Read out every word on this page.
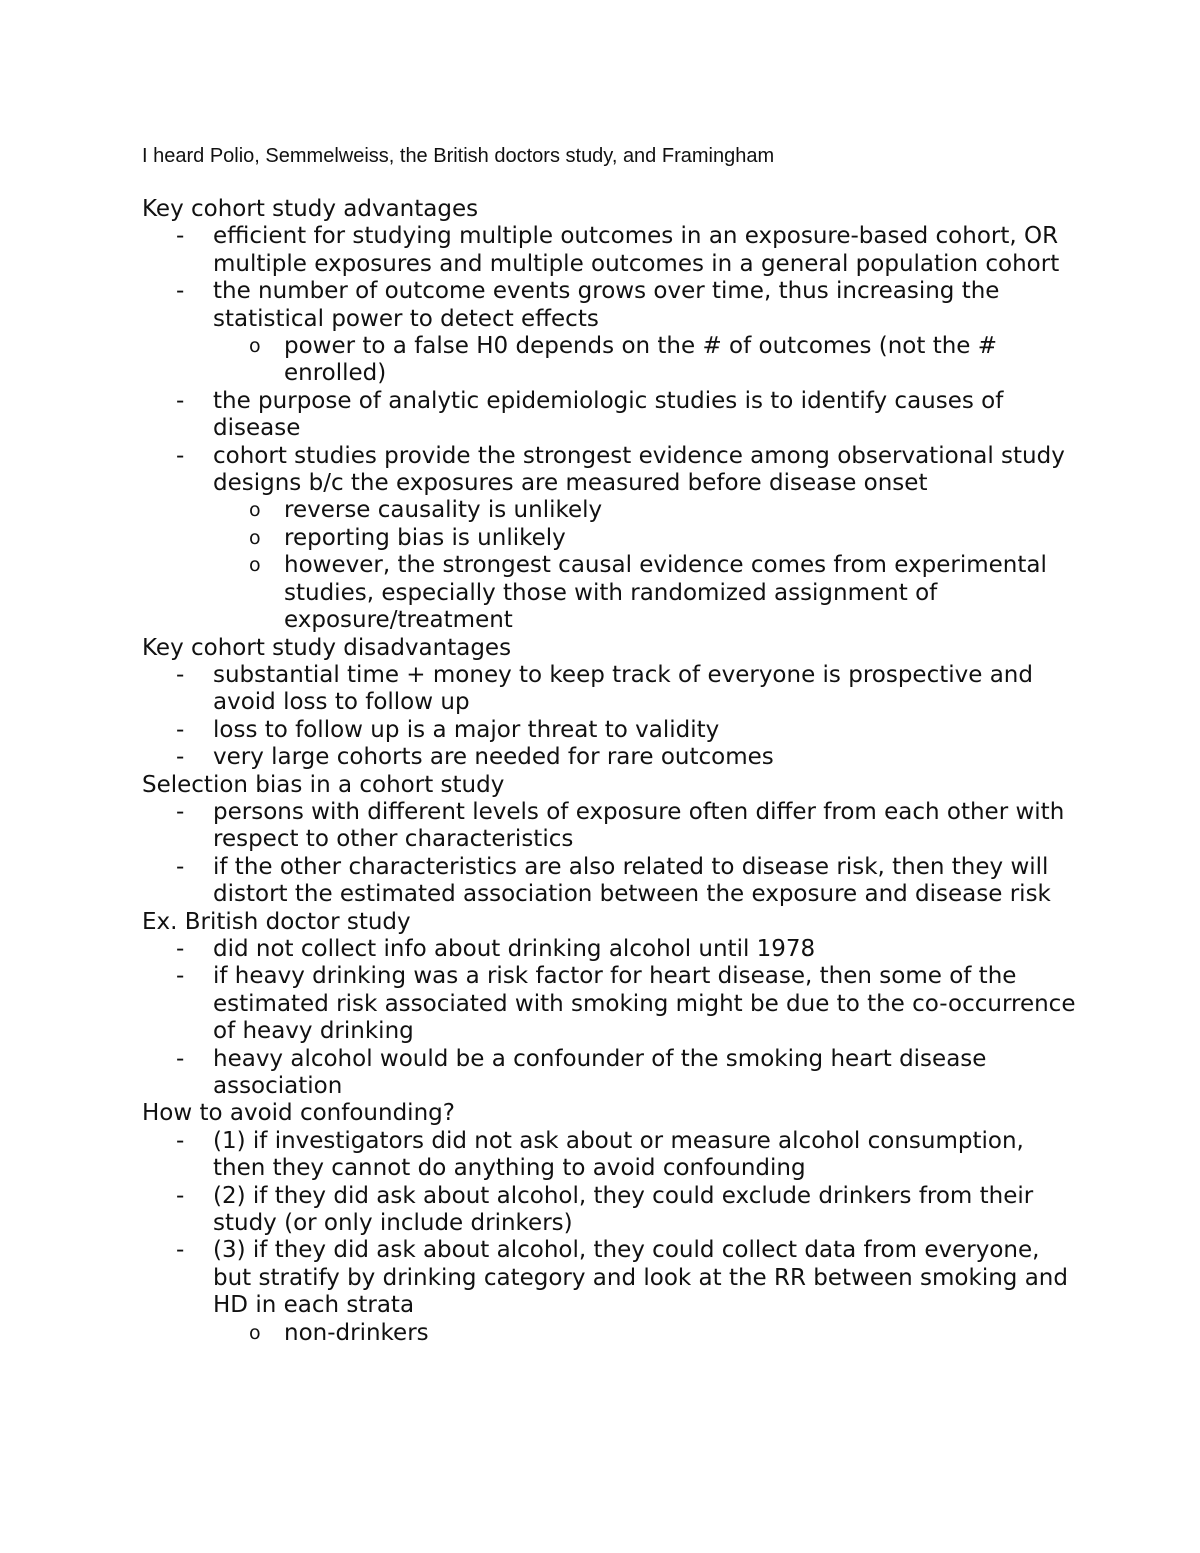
I heard Polio, Semmelweiss, the British doctors study, and Framingham
Key cohort study advantages
- efficient for studying multiple outcomes in an exposure-based cohort, OR multiple exposures and multiple outcomes in a general population cohort
- the number of outcome events grows over time, thus increasing the statistical power to detect effects
o power to a false H0 depends on the # of outcomes (not the # enrolled)
- the purpose of analytic epidemiologic studies is to identify causes of disease
- cohort studies provide the strongest evidence among observational study designs b/c the exposures are measured before disease onset
o reverse causality is unlikely
o reporting bias is unlikely
o however, the strongest causal evidence comes from experimental studies, especially those with randomized assignment of exposure/treatment
Key cohort study disadvantages
- substantial time + money to keep track of everyone is prospective and avoid loss to follow up
- loss to follow up is a major threat to validity
- very large cohorts are needed for rare outcomes
Selection bias in a cohort study
- persons with different levels of exposure often differ from each other with respect to other characteristics
- if the other characteristics are also related to disease risk, then they will distort the estimated association between the exposure and disease risk
Ex. British doctor study
- did not collect info about drinking alcohol until 1978
- if heavy drinking was a risk factor for heart disease, then some of the estimated risk associated with smoking might be due to the co-occurrence of heavy drinking
- heavy alcohol would be a confounder of the smoking heart disease association
How to avoid confounding?
- (1) if investigators did not ask about or measure alcohol consumption, then they cannot do anything to avoid confounding
- (2) if they did ask about alcohol, they could exclude drinkers from their study (or only include drinkers)
- (3) if they did ask about alcohol, they could collect data from everyone, but stratify by drinking category and look at the RR between smoking and HD in each strata
o non-drinkers
